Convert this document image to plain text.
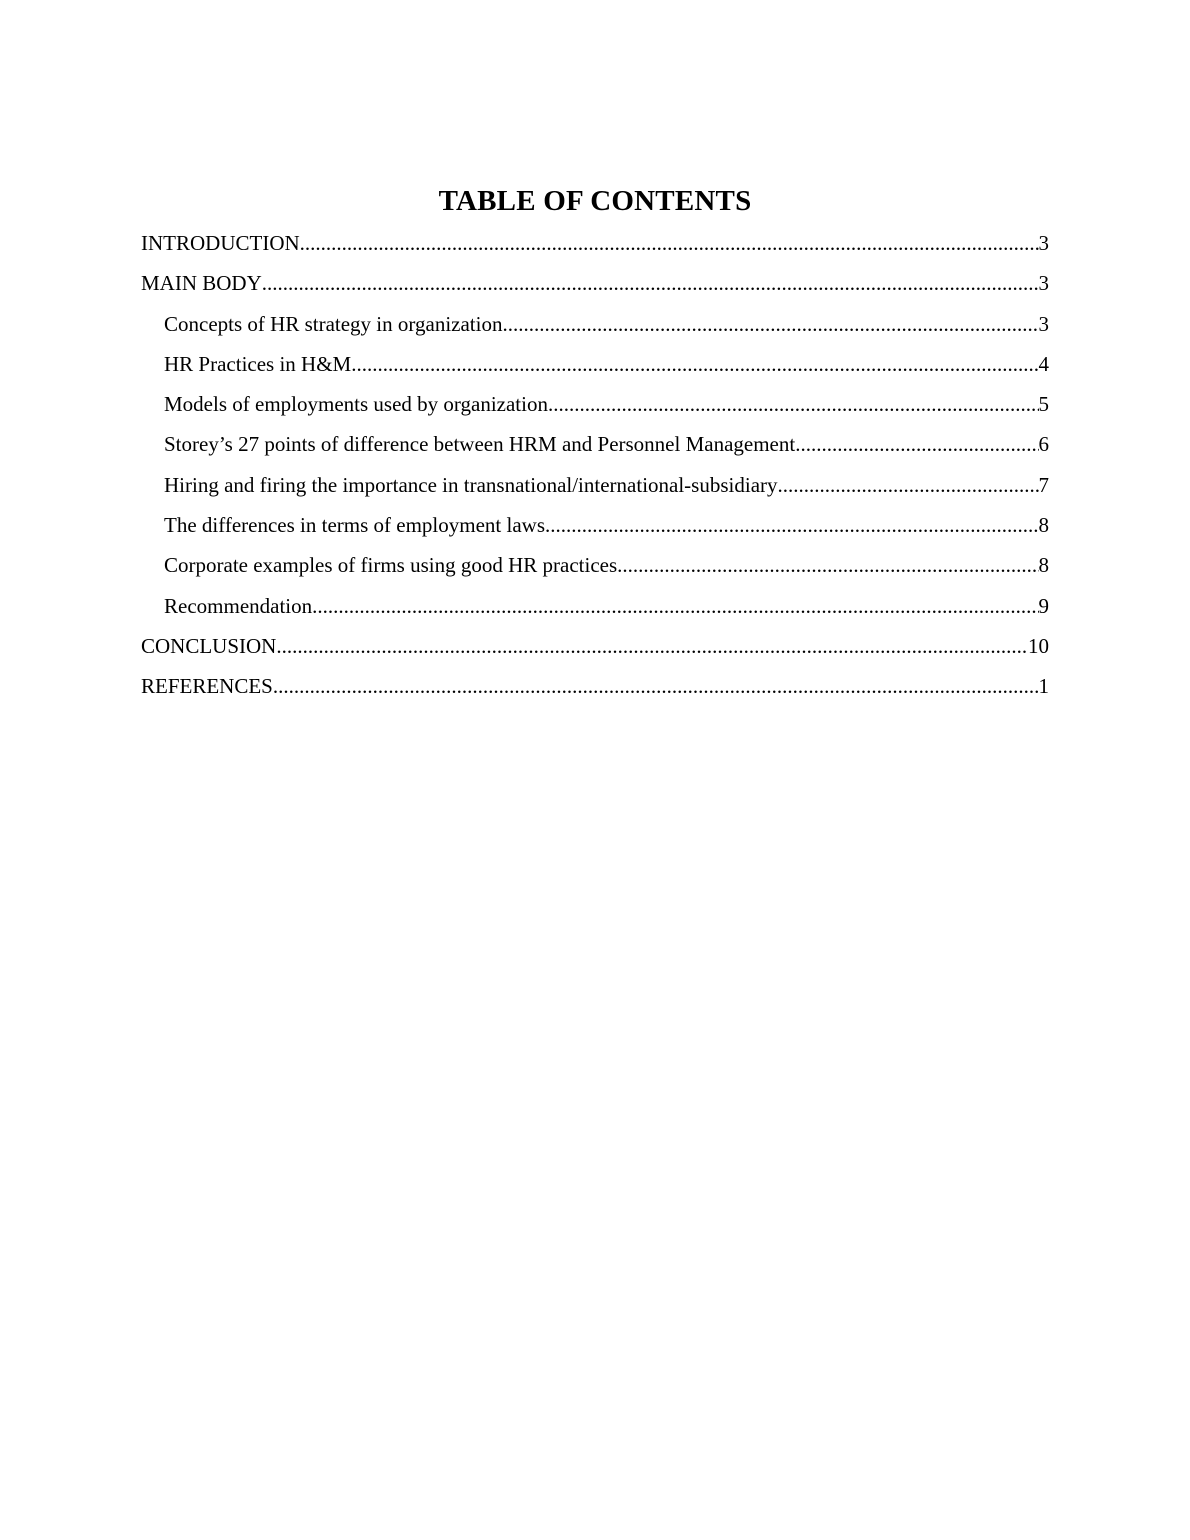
TABLE OF CONTENTS
INTRODUCTION .....	3
MAIN BODY .....	3
Concepts of HR strategy in organization .....	3
HR Practices in H&M .....	4
Models of employments used by organization .....	5
Storey’s 27 points of difference between HRM and Personnel Management .....	6
Hiring and firing the importance in transnational/international-subsidiary .....	7
The differences in terms of employment laws .....	8
Corporate examples of firms using good HR practices .....	8
Recommendation .....	9
CONCLUSION .....	10
REFERENCES .....	1
